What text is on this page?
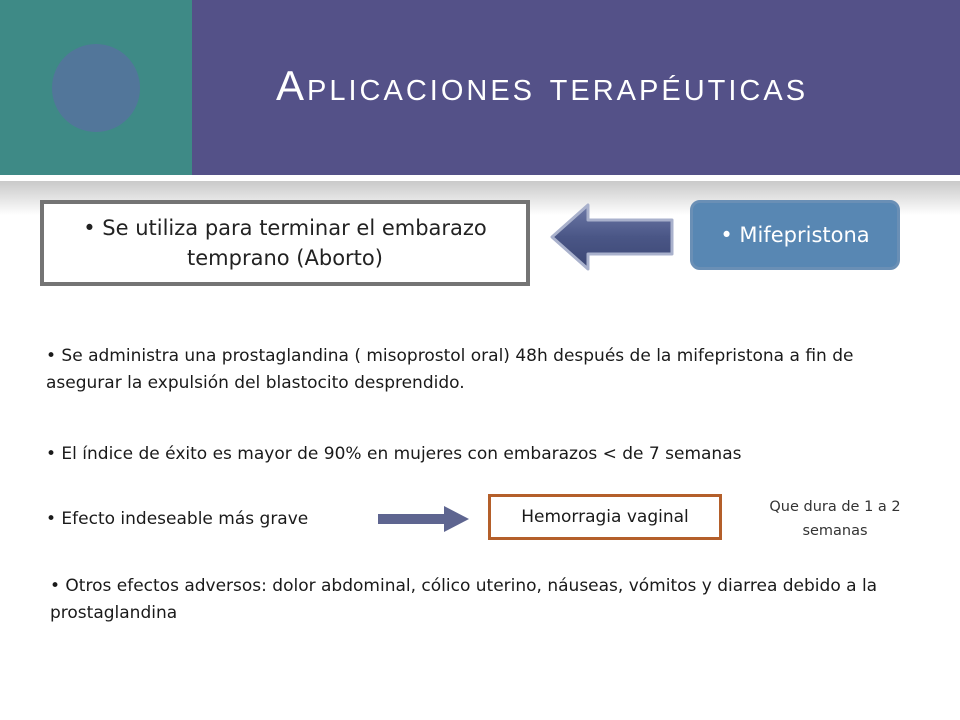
Aplicaciones terapéuticas
• Se utiliza para terminar el embarazo temprano (Aborto)
• Mifepristona

• Se administra una prostaglandina ( misoprostol oral) 48h después de la mifepristona a fin de asegurar la expulsión del blastocito desprendido.

• El índice de éxito es mayor de 90% en mujeres con embarazos < de 7 semanas

• Efecto indeseable más grave	Hemorragia vaginal	Que dura de 1 a 2 semanas

• Otros efectos adversos: dolor abdominal, cólico uterino, náuseas, vómitos y diarrea debido a la prostaglandina
